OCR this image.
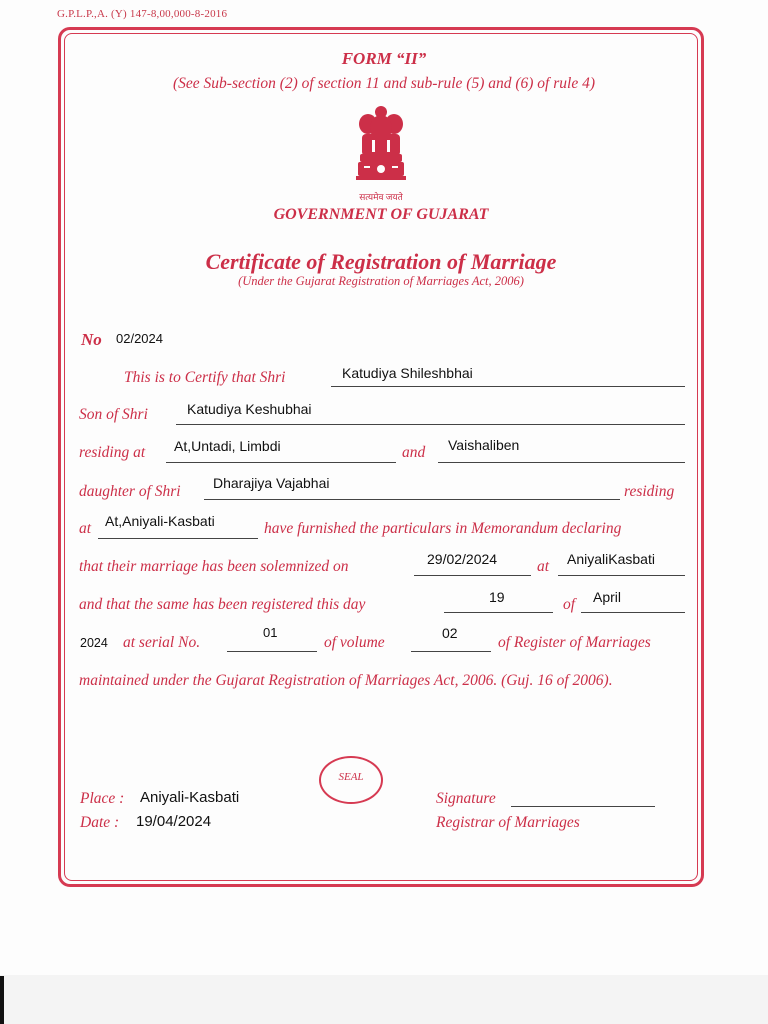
G.P.L.P.,A. (Y) 147-8,00,000-8-2016
FORM “II”
(See Sub-section (2) of section 11 and sub-rule (5) and (6) of rule 4)
सत्यमेव जयते
GOVERNMENT OF GUJARAT
Certificate of Registration of Marriage
(Under the Gujarat Registration of Marriages Act, 2006)
No 02/2024
This is to Certify that Shri	Katudiya Shileshbhai
Son of Shri	Katudiya Keshubhai
residing at At,Untadi, Limbdi	and Vaishaliben
daughter of Shri Dharajiya Vajabhai	residing
at At,Aniyali-Kasbati	have furnished the particulars in Memorandum declaring
that their marriage has been solemnized on	29/02/2024	at AniyaliKasbati
and that the same has been registered this day	19	of April
2024 at serial No.
01
of volume
02
of Register of Marriages
maintained under the Gujarat Registration of Marriages Act, 2006. (Guj. 16 of 2006).
SEAL
Place : Aniyali-Kasbati
Date : 19/04/2024
Signature
Registrar of Marriages
